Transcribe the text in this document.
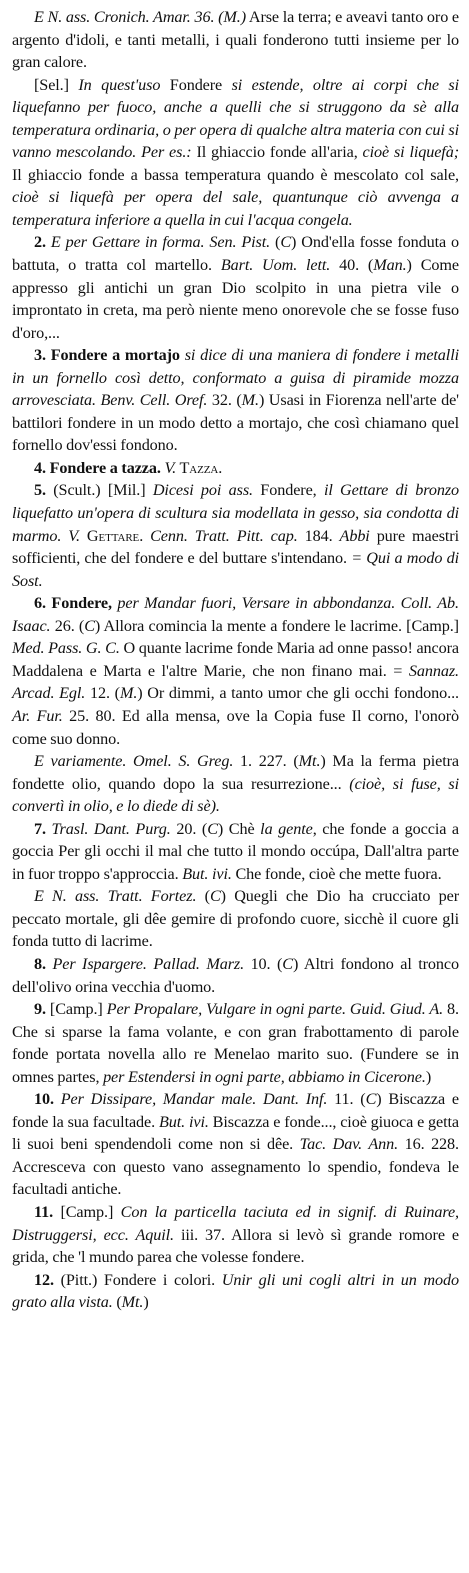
E N. ass. Cronich. Amar. 36. (M.) Arse la terra; e aveavi tanto oro e argento d'idoli, e tanti metalli, i quali fonderono tutti insieme per lo gran calore.

[Sel.] In quest'uso Fondere si estende, oltre ai corpi che si liquefanno per fuoco, anche a quelli che si struggono da sè alla temperatura ordinaria, o per opera di qualche altra materia con cui si vanno mescolando. Per es.: Il ghiaccio fonde all'aria, cioè si liquefà; Il ghiaccio fonde a bassa temperatura quando è mescolato col sale, cioè si liquefà per opera del sale, quantunque ciò avvenga a temperatura inferiore a quella in cui l'acqua congela.

2. E per Gettare in forma. Sen. Pist. (C) Ond'ella fosse fonduta o battuta, o tratta col martello. Bart. Uom. lett. 40. (Man.) Come appresso gli antichi un gran Dio scolpito in una pietra vile o improntato in creta, ma però niente meno onorevole che se fosse fuso d'oro,...

3. Fondere a mortajo si dice di una maniera di fondere i metalli in un fornello così detto, conformato a guisa di piramide mozza arrovesciata. Benv. Cell. Oref. 32. (M.) Usasi in Fiorenza nell'arte de' battilori fondere in un modo detto a mortajo, che così chiamano quel fornello dov'essi fondono.

4. Fondere a tazza. V. Tazza.

5. (Scult.) [Mil.] Dicesi poi ass. Fondere, il Gettare di bronzo liquefatto un'opera di scultura sia modellata in gesso, sia condotta di marmo. V. Gettare. Cenn. Tratt. Pitt. cap. 184. Abbi pure maestri sofficienti, che del fondere e del buttare s'intendano. = Qui a modo di Sost.

6. Fondere, per Mandar fuori, Versare in abbondanza. Coll. Ab. Isaac. 26. (C) Allora comincia la mente a fondere le lacrime. [Camp.] Med. Pass. G. C. O quante lacrime fonde Maria ad onne passo! ancora Maddalena e Marta e l'altre Marie, che non finano mai. = Sannaz. Arcad. Egl. 12. (M.) Or dimmi, a tanto umor che gli occhi fondono... Ar. Fur. 25. 80. Ed alla mensa, ove la Copia fuse Il corno, l'onorò come suo donno.

E variamente. Omel. S. Greg. 1. 227. (Mt.) Ma la ferma pietra fondette olio, quando dopo la sua resurrezione... (cioè, si fuse, si convertì in olio, e lo diede di sè).

7. Trasl. Dant. Purg. 20. (C) Chè la gente, che fonde a goccia a goccia Per gli occhi il mal che tutto il mondo occúpa, Dall'altra parte in fuor troppo s'approccia. But. ivi. Che fonde, cioè che mette fuora.

E N. ass. Tratt. Fortez. (C) Quegli che Dio ha crucciato per peccato mortale, gli dêe gemire di profondo cuore, sicchè il cuore gli fonda tutto di lacrime.

8. Per Ispargere. Pallad. Marz. 10. (C) Altri fondono al tronco dell'olivo orina vecchia d'uomo.

9. [Camp.] Per Propalare, Vulgare in ogni parte. Guid. Giud. A. 8. Che si sparse la fama volante, e con gran frabottamento di parole fonde portata novella allo re Menelao marito suo. (Fundere se in omnes partes, per Estendersi in ogni parte, abbiamo in Cicerone.)

10. Per Dissipare, Mandar male. Dant. Inf. 11. (C) Biscazza e fonde la sua facultade. But. ivi. Biscazza e fonde..., cioè giuoca e getta li suoi beni spendendoli come non si dêe. Tac. Dav. Ann. 16. 228. Accresceva con questo vano assegnamento lo spendio, fondeva le facultadi antiche.

11. [Camp.] Con la particella taciuta ed in signif. di Ruinare, Distruggersi, ecc. Aquil. iii. 37. Allora si levò sì grande romore e grida, che 'l mundo parea che volesse fondere.

12. (Pitt.) Fondere i colori. Unir gli uni cogli altri in un modo grato alla vista. (Mt.)
